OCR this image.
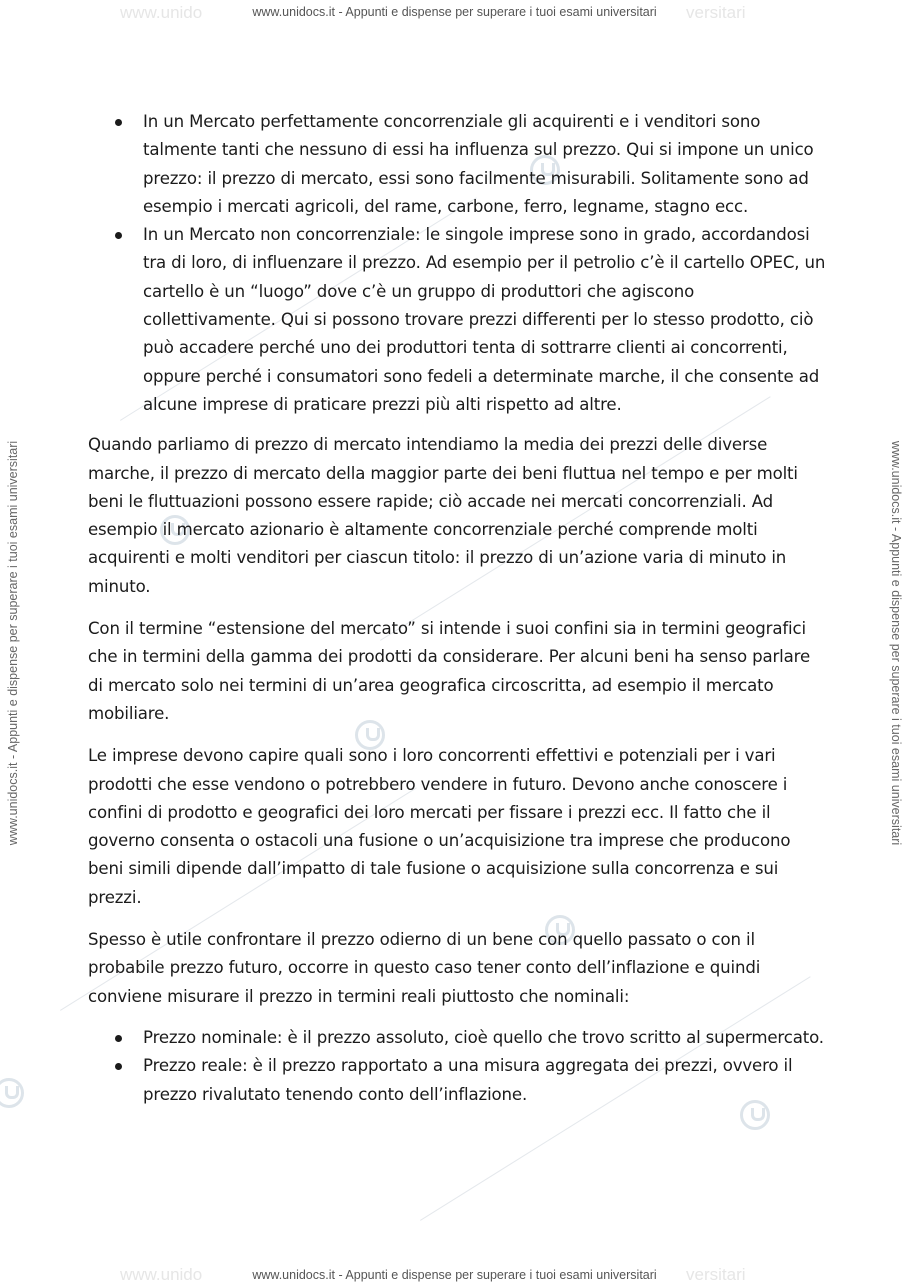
www.unido	versitari
www.unidocs.it - Appunti e dispense per superare i tuoi esami universitari
www.unido	versitari
www.unidocs.it - Appunti e dispense per superare i tuoi esami universitari
www.unidocs.it - Appunti e dispense per superare i tuoi esami universitari	www.unidocs.it - Appunti e dispense per superare i tuoi esami universitari
In un Mercato perfettamente concorrenziale gli acquirenti e i venditori sono talmente tanti che nessuno di essi ha influenza sul prezzo. Qui si impone un unico prezzo: il prezzo di mercato, essi sono facilmente misurabili. Solitamente sono ad esempio i mercati agricoli, del rame, carbone, ferro, legname, stagno ecc.
In un Mercato non concorrenziale: le singole imprese sono in grado, accordandosi tra di loro, di influenzare il prezzo. Ad esempio per il petrolio c’è il cartello OPEC, un cartello è un “luogo” dove c’è un gruppo di produttori che agiscono collettivamente. Qui si possono trovare prezzi differenti per lo stesso prodotto, ciò può accadere perché uno dei produttori tenta di sottrarre clienti ai concorrenti, oppure perché i consumatori sono fedeli a determinate marche, il che consente ad alcune imprese di praticare prezzi più alti rispetto ad altre.

Quando parliamo di prezzo di mercato intendiamo la media dei prezzi delle diverse marche, il prezzo di mercato della maggior parte dei beni fluttua nel tempo e per molti beni le fluttuazioni possono essere rapide; ciò accade nei mercati concorrenziali. Ad esempio il mercato azionario è altamente concorrenziale perché comprende molti acquirenti e molti venditori per ciascun titolo: il prezzo di un’azione varia di minuto in minuto.

Con il termine “estensione del mercato” si intende i suoi confini sia in termini geografici che in termini della gamma dei prodotti da considerare. Per alcuni beni ha senso parlare di mercato solo nei termini di un’area geografica circoscritta, ad esempio il mercato mobiliare.

Le imprese devono capire quali sono i loro concorrenti effettivi e potenziali per i vari prodotti che esse vendono o potrebbero vendere in futuro. Devono anche conoscere i confini di prodotto e geografici dei loro mercati per fissare i prezzi ecc. Il fatto che il governo consenta o ostacoli una fusione o un’acquisizione tra imprese che producono beni simili dipende dall’impatto di tale fusione o acquisizione sulla concorrenza e sui prezzi.

Spesso è utile confrontare il prezzo odierno di un bene con quello passato o con il probabile prezzo futuro, occorre in questo caso tener conto dell’inflazione e quindi conviene misurare il prezzo in termini reali piuttosto che nominali:

Prezzo nominale: è il prezzo assoluto, cioè quello che trovo scritto al supermercato.
Prezzo reale: è il prezzo rapportato a una misura aggregata dei prezzi, ovvero il prezzo rivalutato tenendo conto dell’inflazione.
